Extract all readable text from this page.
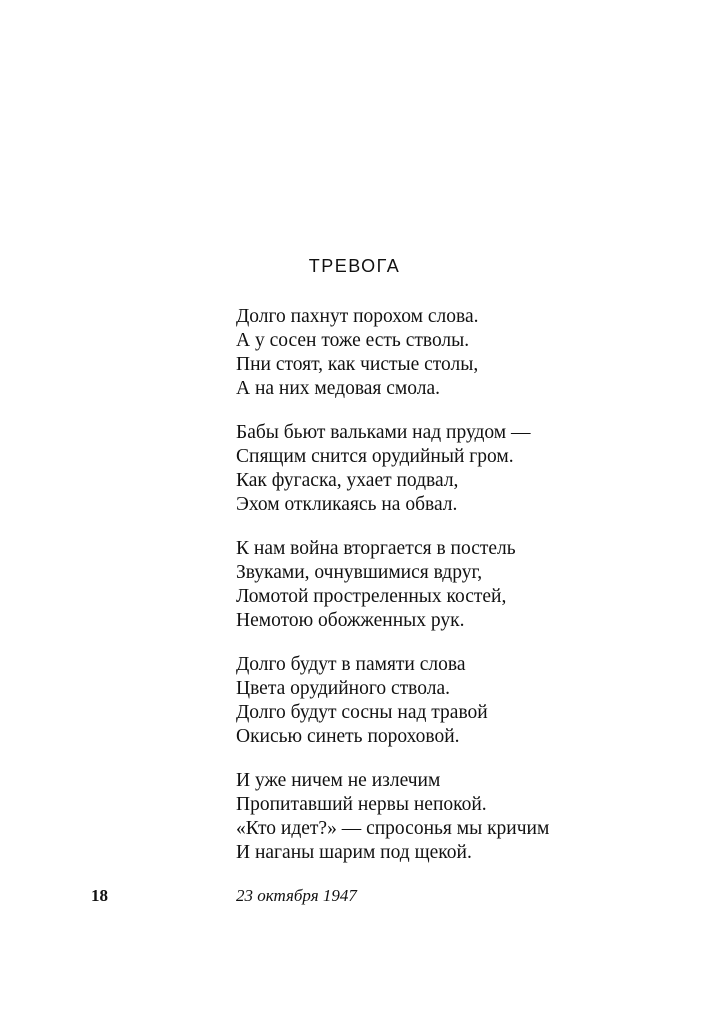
ТРЕВОГА
Долго пахнут порохом слова.
А у сосен тоже есть стволы.
Пни стоят, как чистые столы,
А на них медовая смола.
Бабы бьют вальками над прудом —
Спящим снится орудийный гром.
Как фугаска, ухает подвал,
Эхом откликаясь на обвал.
К нам война вторгается в постель
Звуками, очнувшимися вдруг,
Ломотой простреленных костей,
Немотою обожженных рук.
Долго будут в памяти слова
Цвета орудийного ствола.
Долго будут сосны над травой
Окисью синеть пороховой.
И уже ничем не излечим
Пропитавший нервы непокой.
«Кто идет?» — спросонья мы кричим
И наганы шарим под щекой.
18	23 октября 1947
